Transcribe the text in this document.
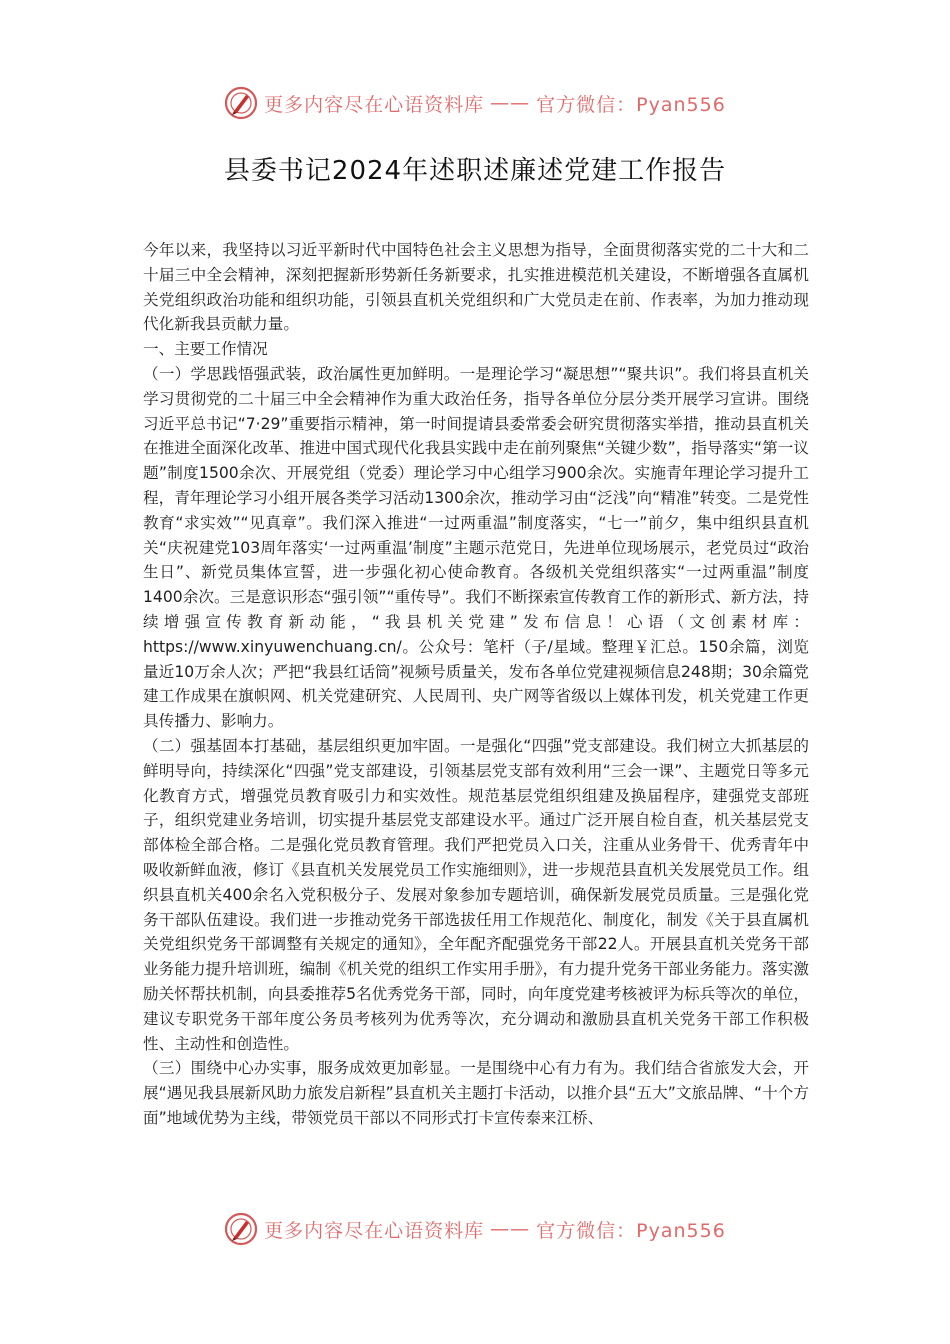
更多内容尽在心语资料库 —— 官方微信：Pyan556
县委书记2024年述职述廉述党建工作报告

今年以来，我坚持以习近平新时代中国特色社会主义思想为指导，全面贯彻落实党的二十大和二十届三中全会精神，深刻把握新形势新任务新要求，扎实推进模范机关建设，不断增强各直属机关党组织政治功能和组织功能，引领县直机关党组织和广大党员走在前、作表率，为加力推动现代化新我县贡献力量。

一、主要工作情况

（一）学思践悟强武装，政治属性更加鲜明。一是理论学习“凝思想”“聚共识”。我们将县直机关学习贯彻党的二十届三中全会精神作为重大政治任务，指导各单位分层分类开展学习宣讲。围绕习近平总书记“7·29”重要指示精神，第一时间提请县委常委会研究贯彻落实举措，推动县直机关在推进全面深化改革、推进中国式现代化我县实践中走在前列聚焦“关键少数”，指导落实“第一议题”制度1500余次、开展党组（党委）理论学习中心组学习900余次。实施青年理论学习提升工程，青年理论学习小组开展各类学习活动1300余次，推动学习由“泛浅”向“精准”转变。二是党性教育“求实效”“见真章”。我们深入推进“一过两重温”制度落实，“七一”前夕，集中组织县直机关“庆祝建党103周年落实‘一过两重温’制度”主题示范党日，先进单位现场展示，老党员过“政治生日”、新党员集体宣誓，进一步强化初心使命教育。各级机关党组织落实“一过两重温”制度1400余次。三是意识形态“强引领”“重传导”。我们不断探索宣传教育工作的新形式、新方法，持续增强宣传教育新动能，“我县机关党建”发布信息！心语（文创素材库：https://www.xinyuwenchuang.cn/。公众号：笔杆（子/星域。整理￥汇总。150余篇，浏览量近10万余人次；严把“我县红话筒”视频号质量关，发布各单位党建视频信息248期；30余篇党建工作成果在旗帜网、机关党建研究、人民周刊、央广网等省级以上媒体刊发，机关党建工作更具传播力、影响力。

（二）强基固本打基础，基层组织更加牢固。一是强化“四强”党支部建设。我们树立大抓基层的鲜明导向，持续深化“四强”党支部建设，引领基层党支部有效利用“三会一课”、主题党日等多元化教育方式，增强党员教育吸引力和实效性。规范基层党组织组建及换届程序，建强党支部班子，组织党建业务培训，切实提升基层党支部建设水平。通过广泛开展自检自查，机关基层党支部体检全部合格。二是强化党员教育管理。我们严把党员入口关，注重从业务骨干、优秀青年中吸收新鲜血液，修订《县直机关发展党员工作实施细则》，进一步规范县直机关发展党员工作。组织县直机关400余名入党积极分子、发展对象参加专题培训，确保新发展党员质量。三是强化党务干部队伍建设。我们进一步推动党务干部选拔任用工作规范化、制度化，制发《关于县直属机关党组织党务干部调整有关规定的通知》，全年配齐配强党务干部22人。开展县直机关党务干部业务能力提升培训班，编制《机关党的组织工作实用手册》，有力提升党务干部业务能力。落实激励关怀帮扶机制，向县委推荐5名优秀党务干部，同时，向年度党建考核被评为标兵等次的单位，建议专职党务干部年度公务员考核列为优秀等次，充分调动和激励县直机关党务干部工作积极性、主动性和创造性。

（三）围绕中心办实事，服务成效更加彰显。一是围绕中心有力有为。我们结合省旅发大会，开展“遇见我县展新风助力旅发启新程”县直机关主题打卡活动，以推介县“五大”文旅品牌、“十个方面”地域优势为主线，带领党员干部以不同形式打卡宣传泰来江桥、

更多内容尽在心语资料库 —— 官方微信：Pyan556
